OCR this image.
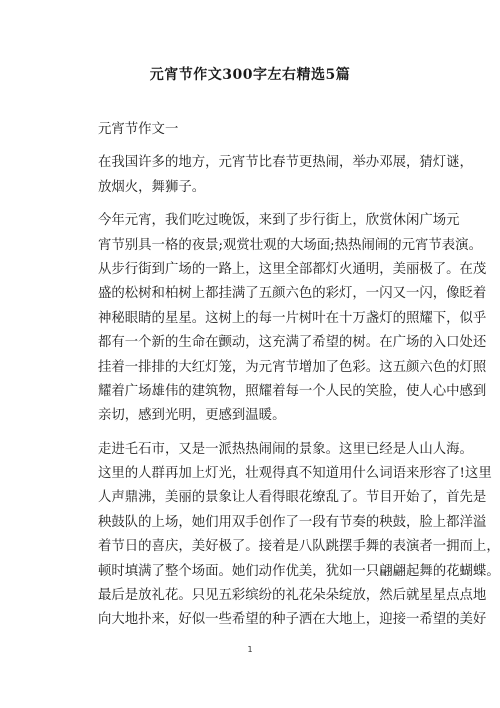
元宵节作文300字左右精选5篇
元宵节作文一
在我国许多的地方，元宵节比春节更热闹，举办邓展，猜灯谜，
放烟火，舞狮子。
今年元宵，我们吃过晚饭，来到了步行街上，欣赏休闲广场元
宵节别具一格的夜景;观赏壮观的大场面;热热闹闹的元宵节表演。
从步行街到广场的一路上，这里全部都灯火通明，美丽极了。在茂
盛的松树和柏树上都挂满了五颜六色的彩灯，一闪又一闪，像眨着
神秘眼睛的星星。这树上的每一片树叶在十万盏灯的照耀下，似乎
都有一个新的生命在颤动，这充满了希望的树。在广场的入口处还
挂着一排排的大红灯笼，为元宵节增加了色彩。这五颜六色的灯照
耀着广场雄伟的建筑物，照耀着每一个人民的笑脸，使人心中感到
亲切，感到光明，更感到温暖。
走进乇石市，又是一派热热闹闹的景象。这里已经是人山人海。
这里的人群再加上灯光，壮观得真不知道用什么词语来形容了!这里
人声鼎沸，美丽的景象让人看得眼花缭乱了。节目开始了，首先是
秧鼓队的上场，她们用双手创作了一段有节奏的秧鼓，脸上都洋溢
着节日的喜庆，美好极了。接着是八队跳摆手舞的表演者一拥而上，
顿时填满了整个场面。她们动作优美，犹如一只翩翩起舞的花蝴蝶。
最后是放礼花。只见五彩缤纷的礼花朵朵绽放，然后就星星点点地
向大地扑来，好似一些希望的种子洒在大地上，迎接一希望的美好
1
